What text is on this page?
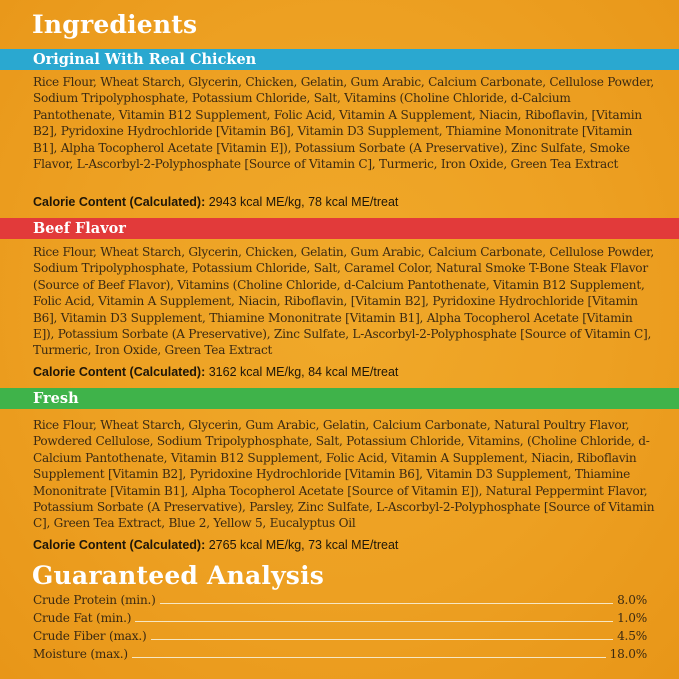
Ingredients
Original With Real Chicken
Rice Flour, Wheat Starch, Glycerin, Chicken, Gelatin, Gum Arabic, Calcium Carbonate, Cellulose Powder, Sodium Tripolyphosphate, Potassium Chloride, Salt, Vitamins (Choline Chloride, d-Calcium Pantothenate, Vitamin B12 Supplement, Folic Acid, Vitamin A Supplement, Niacin, Riboflavin, [Vitamin B2], Pyridoxine Hydrochloride [Vitamin B6], Vitamin D3 Supplement, Thiamine Mononitrate [Vitamin B1], Alpha Tocopherol Acetate [Vitamin E]), Potassium Sorbate (A Preservative), Zinc Sulfate, Smoke Flavor, L-Ascorbyl-2-Polyphosphate [Source of Vitamin C], Turmeric, Iron Oxide, Green Tea Extract
Calorie Content (Calculated): 2943 kcal ME/kg, 78 kcal ME/treat
Beef Flavor
Rice Flour, Wheat Starch, Glycerin, Chicken, Gelatin, Gum Arabic, Calcium Carbonate, Cellulose Powder, Sodium Tripolyphosphate, Potassium Chloride, Salt, Caramel Color, Natural Smoke T-Bone Steak Flavor (Source of Beef Flavor), Vitamins (Choline Chloride, d-Calcium Pantothenate, Vitamin B12 Supplement, Folic Acid, Vitamin A Supplement, Niacin, Riboflavin, [Vitamin B2], Pyridoxine Hydrochloride [Vitamin B6], Vitamin D3 Supplement, Thiamine Mononitrate [Vitamin B1], Alpha Tocopherol Acetate [Vitamin E]), Potassium Sorbate (A Preservative), Zinc Sulfate, L-Ascorbyl-2-Polyphosphate [Source of Vitamin C], Turmeric, Iron Oxide, Green Tea Extract
Calorie Content (Calculated): 3162 kcal ME/kg, 84 kcal ME/treat
Fresh
Rice Flour, Wheat Starch, Glycerin, Gum Arabic, Gelatin, Calcium Carbonate, Natural Poultry Flavor, Powdered Cellulose, Sodium Tripolyphosphate, Salt, Potassium Chloride, Vitamins, (Choline Chloride, d-Calcium Pantothenate, Vitamin B12 Supplement, Folic Acid, Vitamin A Supplement, Niacin, Riboflavin Supplement [Vitamin B2], Pyridoxine Hydrochloride [Vitamin B6], Vitamin D3 Supplement, Thiamine Mononitrate [Vitamin B1], Alpha Tocopherol Acetate [Source of Vitamin E]), Natural Peppermint Flavor, Potassium Sorbate (A Preservative), Parsley, Zinc Sulfate, L-Ascorbyl-2-Polyphosphate [Source of Vitamin C], Green Tea Extract, Blue 2, Yellow 5, Eucalyptus Oil
Calorie Content (Calculated): 2765 kcal ME/kg, 73 kcal ME/treat
Guaranteed Analysis
Crude Protein (min.)	8.0%
Crude Fat (min.)	1.0%
Crude Fiber (max.)	4.5%
Moisture (max.)	18.0%
